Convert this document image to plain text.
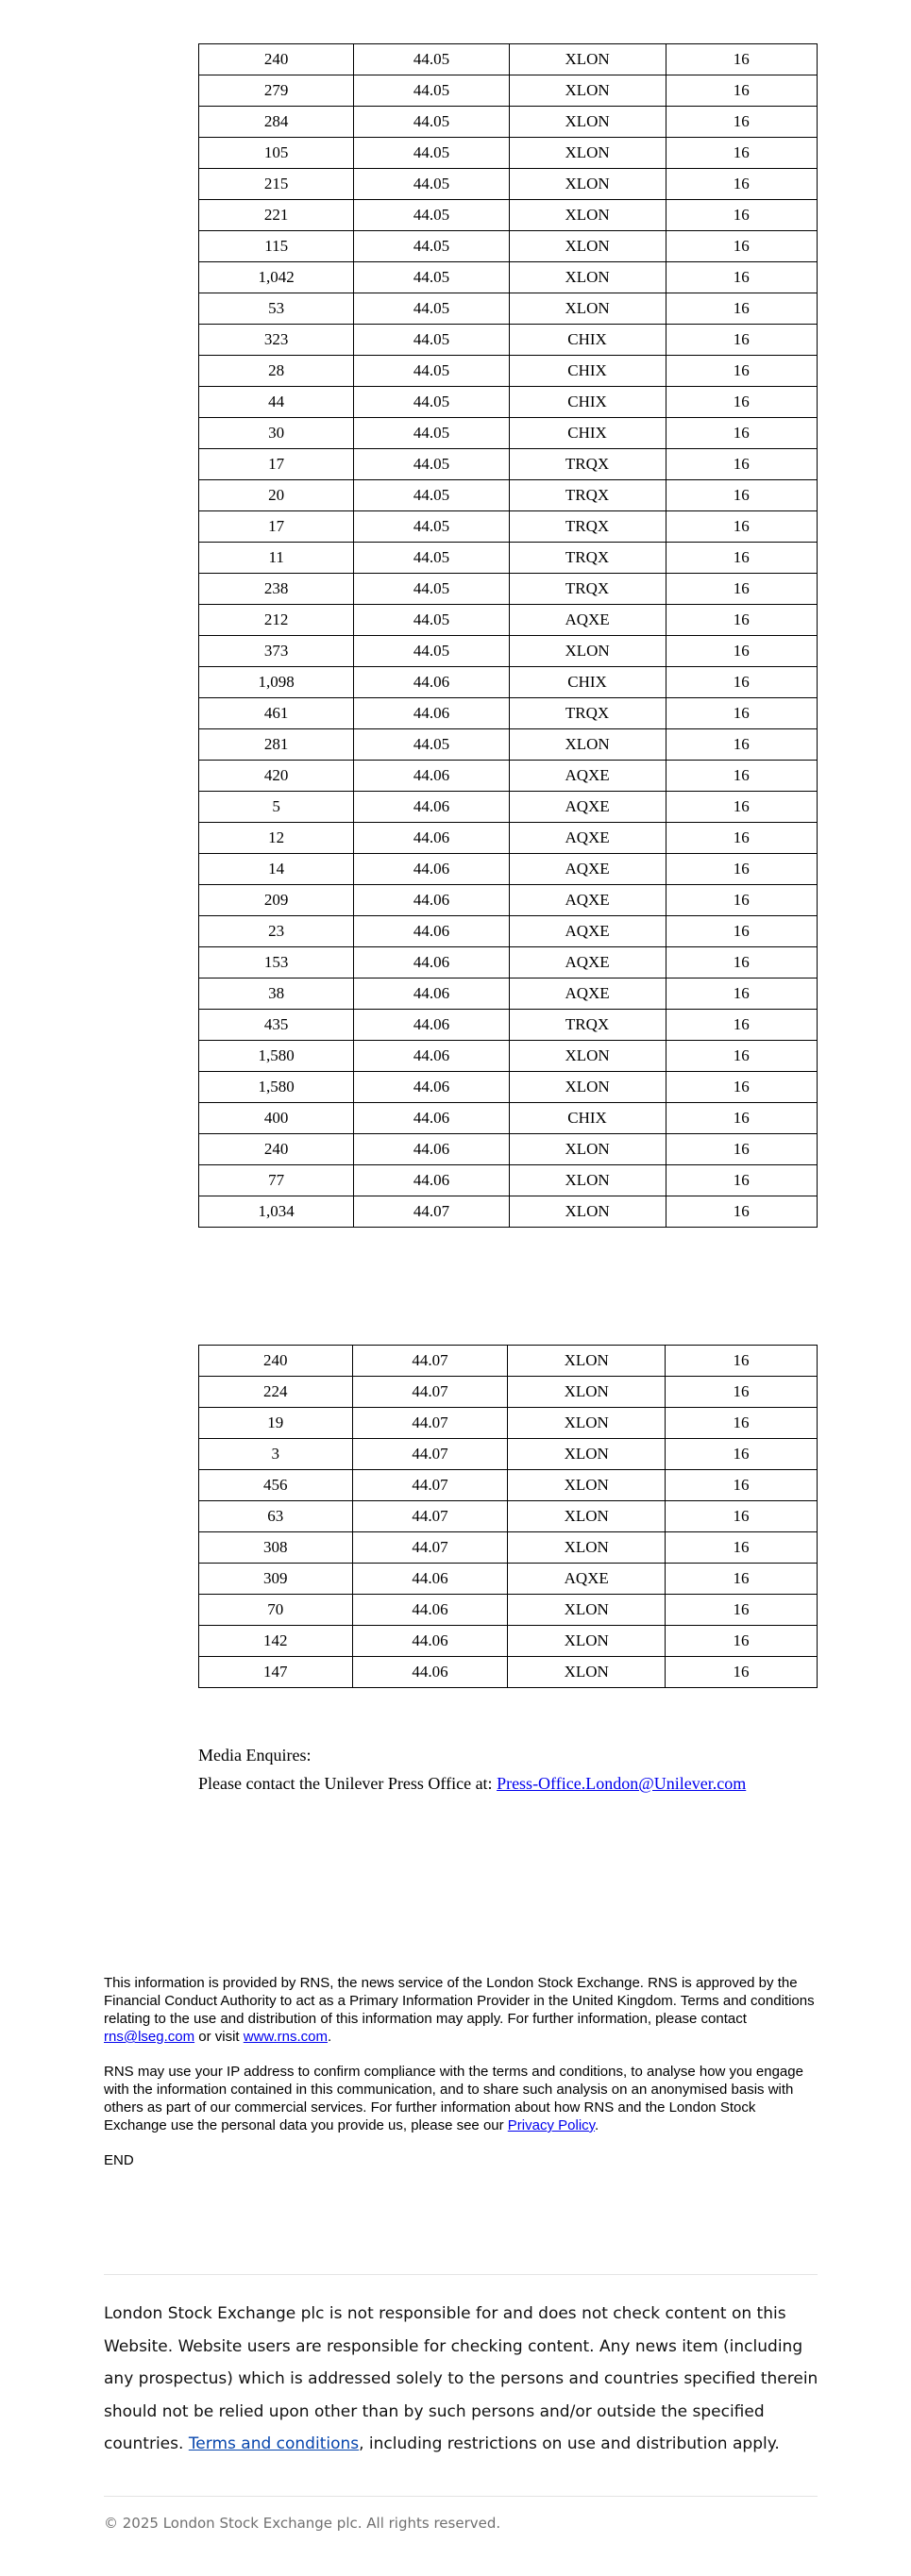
240	44.05	XLON	16
279	44.05	XLON	16
284	44.05	XLON	16
105	44.05	XLON	16
215	44.05	XLON	16
221	44.05	XLON	16
115	44.05	XLON	16
1,042	44.05	XLON	16
53	44.05	XLON	16
323	44.05	CHIX	16
28	44.05	CHIX	16
44	44.05	CHIX	16
30	44.05	CHIX	16
17	44.05	TRQX	16
20	44.05	TRQX	16
17	44.05	TRQX	16
11	44.05	TRQX	16
238	44.05	TRQX	16
212	44.05	AQXE	16
373	44.05	XLON	16
1,098	44.06	CHIX	16
461	44.06	TRQX	16
281	44.05	XLON	16
420	44.06	AQXE	16
5	44.06	AQXE	16
12	44.06	AQXE	16
14	44.06	AQXE	16
209	44.06	AQXE	16
23	44.06	AQXE	16
153	44.06	AQXE	16
38	44.06	AQXE	16
435	44.06	TRQX	16
1,580	44.06	XLON	16
1,580	44.06	XLON	16
400	44.06	CHIX	16
240	44.06	XLON	16
77	44.06	XLON	16
1,034	44.07	XLON	16
240	44.07	XLON	16
224	44.07	XLON	16
19	44.07	XLON	16
3	44.07	XLON	16
456	44.07	XLON	16
63	44.07	XLON	16
308	44.07	XLON	16
309	44.06	AQXE	16
70	44.06	XLON	16
142	44.06	XLON	16
147	44.06	XLON	16
Media Enquires:
Please contact the Unilever Press Office at: Press-Office.London@Unilever.com

This information is provided by RNS, the news service of the London Stock Exchange. RNS is approved by the Financial Conduct Authority to act as a Primary Information Provider in the United Kingdom. Terms and conditions relating to the use and distribution of this information may apply. For further information, please contact rns@lseg.com or visit www.rns.com.

RNS may use your IP address to confirm compliance with the terms and conditions, to analyse how you engage with the information contained in this communication, and to share such analysis on an anonymised basis with others as part of our commercial services. For further information about how RNS and the London Stock Exchange use the personal data you provide us, please see our Privacy Policy.

END

London Stock Exchange plc is not responsible for and does not check content on this Website. Website users are responsible for checking content. Any news item (including any prospectus) which is addressed solely to the persons and countries specified therein should not be relied upon other than by such persons and/or outside the specified countries. Terms and conditions, including restrictions on use and distribution apply.
© 2025 London Stock Exchange plc. All rights reserved.
